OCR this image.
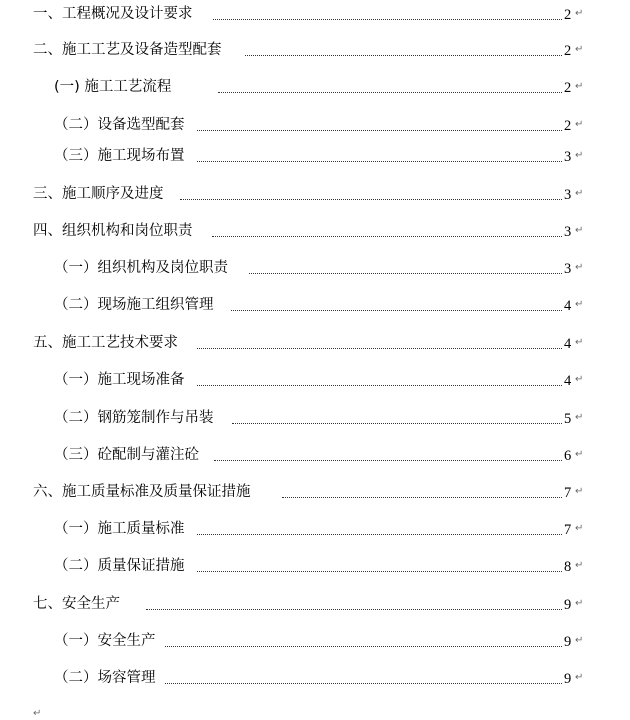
一、工程概况及设计要求	2 ↵
二、施工工艺及设备造型配套	2 ↵
(一) 施工工艺流程	2 ↵
（二）设备选型配套	2 ↵
（三）施工现场布置	3 ↵
三、施工顺序及进度	3 ↵
四、组织机构和岗位职责	3 ↵
（一）组织机构及岗位职责	3 ↵
（二）现场施工组织管理	4 ↵
五、施工工艺技术要求	4 ↵
（一）施工现场准备	4 ↵
（二）钢筋笼制作与吊装	5 ↵
（三）砼配制与灌注砼	6 ↵
六、施工质量标准及质量保证措施	7 ↵
（一）施工质量标准	7 ↵
（二）质量保证措施	8 ↵
七、安全生产	9 ↵
（一）安全生产	9 ↵
（二）场容管理	9 ↵
↵
